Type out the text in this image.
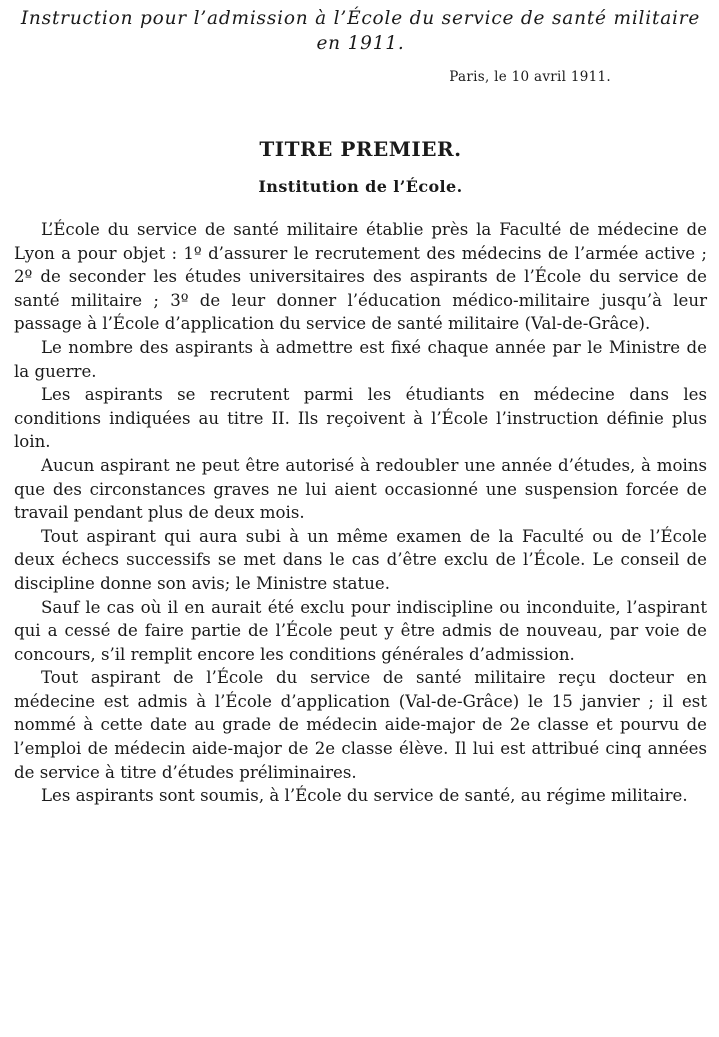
Instruction pour l’admission à l’École du service de santé militaire
en 1911.

Paris, le 10 avril 1911.

TITRE PREMIER.
Institution de l’École.

L’École du service de santé militaire établie près la Faculté de médecine de Lyon a pour objet : 1º d’assurer le recrutement des médecins de l’armée active ; 2º de seconder les études universitaires des aspirants de l’École du service de santé militaire ; 3º de leur donner l’éducation médico-militaire jusqu’à leur passage à l’École d’application du service de santé militaire (Val-de-Grâce).

Le nombre des aspirants à admettre est fixé chaque année par le Ministre de la guerre.

Les aspirants se recrutent parmi les étudiants en médecine dans les conditions indiquées au titre II. Ils reçoivent à l’École l’instruction définie plus loin.

Aucun aspirant ne peut être autorisé à redoubler une année d’études, à moins que des circonstances graves ne lui aient occasionné une suspension forcée de travail pendant plus de deux mois.

Tout aspirant qui aura subi à un même examen de la Faculté ou de l’École deux échecs successifs se met dans le cas d’être exclu de l’École. Le conseil de discipline donne son avis; le Ministre statue.

Sauf le cas où il en aurait été exclu pour indiscipline ou inconduite, l’aspirant qui a cessé de faire partie de l’École peut y être admis de nouveau, par voie de concours, s’il remplit encore les conditions générales d’admission.

Tout aspirant de l’École du service de santé militaire reçu docteur en médecine est admis à l’École d’application (Val-de-Grâce) le 15 janvier ; il est nommé à cette date au grade de médecin aide-major de 2e classe et pourvu de l’emploi de médecin aide-major de 2e classe élève. Il lui est attribué cinq années de service à titre d’études préliminaires.

Les aspirants sont soumis, à l’École du service de santé, au régime militaire.
